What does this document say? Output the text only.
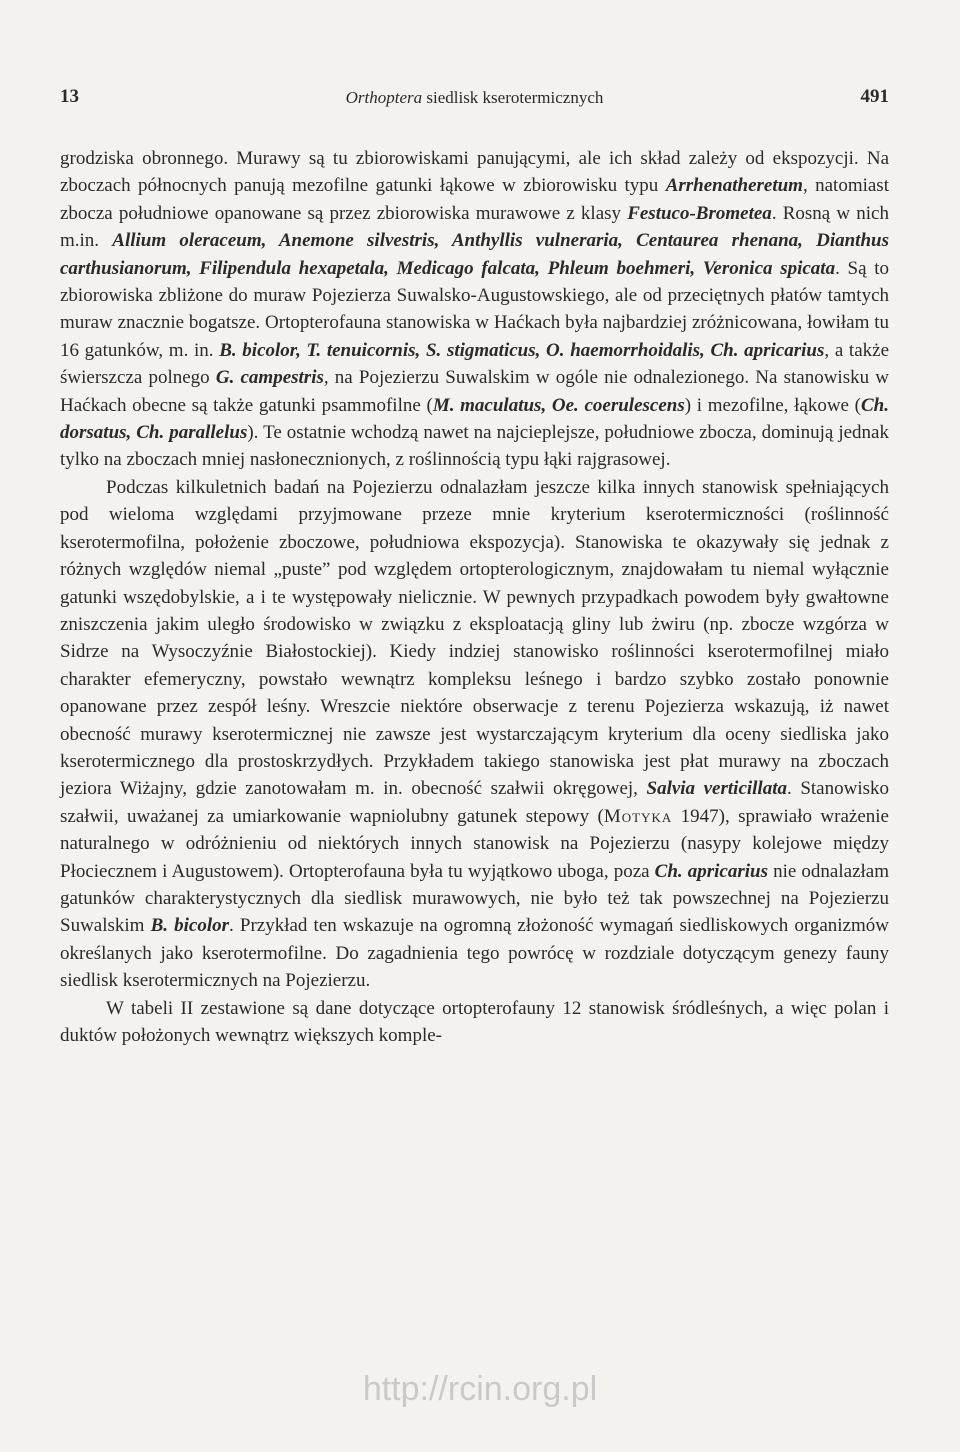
13	Orthoptera siedlisk kserotermicznych	491

grodziska obronnego. Murawy są tu zbiorowiskami panującymi, ale ich skład zależy od ekspozycji. Na zboczach północnych panują mezofilne gatunki łąkowe w zbiorowisku typu Arrhenatheretum, natomiast zbocza południowe opanowane są przez zbiorowiska murawowe z klasy Festuco-Brometea. Rosną w nich m.in. Allium oleraceum, Anemone silvestris, Anthyllis vulneraria, Centaurea rhenana, Dianthus carthusianorum, Filipendula hexapetala, Medicago falcata, Phleum boehmeri, Veronica spicata. Są to zbiorowiska zbliżone do muraw Pojezierza Suwalsko-Augustowskiego, ale od przeciętnych płatów tamtych muraw znacznie bogatsze. Ortopterofauna stanowiska w Haćkach była najbardziej zróżnicowana, łowiłam tu 16 gatunków, m. in. B. bicolor, T. tenuicornis, S. stigmaticus, O. haemorrhoidalis, Ch. apricarius, a także świerszcza polnego G. campestris, na Pojezierzu Suwalskim w ogóle nie odnalezionego. Na stanowisku w Haćkach obecne są także gatunki psammofilne (M. maculatus, Oe. coerulescens) i mezofilne, łąkowe (Ch. dorsatus, Ch. parallelus). Te ostatnie wchodzą nawet na najcieplejsze, południowe zbocza, dominują jednak tylko na zboczach mniej nasłonecznionych, z roślinnością typu łąki rajgrasowej.

Podczas kilkuletnich badań na Pojezierzu odnalazłam jeszcze kilka innych stanowisk spełniających pod wieloma względami przyjmowane przeze mnie kryterium kserotermiczności (roślinność kserotermofilna, położenie zboczowe, południowa ekspozycja). Stanowiska te okazywały się jednak z różnych względów niemal „puste” pod względem ortopterologicznym, znajdowałam tu niemal wyłącznie gatunki wszędobylskie, a i te występowały nielicznie. W pewnych przypadkach powodem były gwałtowne zniszczenia jakim uległo środowisko w związku z eksploatacją gliny lub żwiru (np. zbocze wzgórza w Sidrze na Wysoczyźnie Białostockiej). Kiedy indziej stanowisko roślinności kserotermofilnej miało charakter efemeryczny, powstało wewnątrz kompleksu leśnego i bardzo szybko zostało ponownie opanowane przez zespół leśny. Wreszcie niektóre obserwacje z terenu Pojezierza wskazują, iż nawet obecność murawy kserotermicznej nie zawsze jest wystarczającym kryterium dla oceny siedliska jako kserotermicznego dla prostoskrzydłych. Przykładem takiego stanowiska jest płat murawy na zboczach jeziora Wiżajny, gdzie zanotowałam m. in. obecność szałwii okręgowej, Salvia verticillata. Stanowisko szałwii, uważanej za umiarkowanie wapniolubny gatunek stepowy (Motyka 1947), sprawiało wrażenie naturalnego w odróżnieniu od niektórych innych stanowisk na Pojezierzu (nasypy kolejowe między Płociecznem i Augustowem). Ortopterofauna była tu wyjątkowo uboga, poza Ch. apricarius nie odnalazłam gatunków charakterystycznych dla siedlisk murawowych, nie było też tak powszechnej na Pojezierzu Suwalskim B. bicolor. Przykład ten wskazuje na ogromną złożoność wymagań siedliskowych organizmów określanych jako kserotermofilne. Do zagadnienia tego powrócę w rozdziale dotyczącym genezy fauny siedlisk kserotermicznych na Pojezierzu.

W tabeli II zestawione są dane dotyczące ortopterofauny 12 stanowisk śródleśnych, a więc polan i duktów położonych wewnątrz większych komple-

http://rcin.org.pl
